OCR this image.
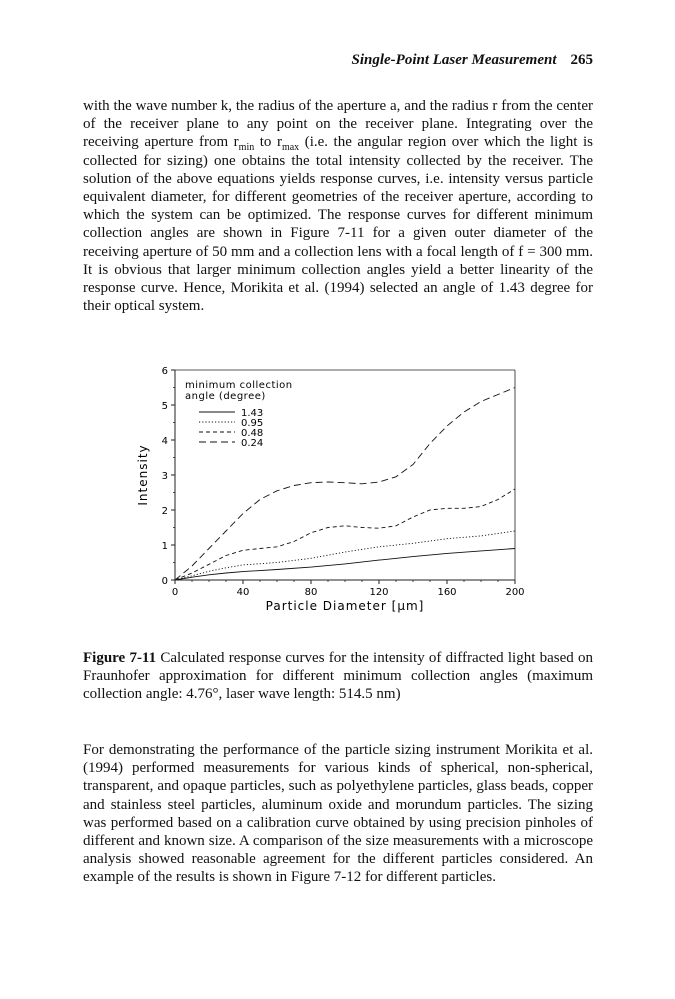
Single-Point Laser Measurement 265

with the wave number k, the radius of the aperture a, and the radius r from the center of the receiver plane to any point on the receiver plane. Integrating over the receiving aperture from $r_{min}$ to $r_{max}$ (i.e. the angular region over which the light is collected for sizing) one obtains the total intensity collected by the receiver. The solution of the above equations yields response curves, i.e. intensity versus particle equivalent diameter, for different geometries of the receiver aperture, according to which the system can be optimized. The response curves for different minimum collection angles are shown in Figure 7-11 for a given outer diameter of the receiving aperture of 50 mm and a collection lens with a focal length of f = 300 mm. It is obvious that larger minimum collection angles yield a better linearity of the response curve. Hence, Morikita et al. (1994) selected an angle of 1.43 degree for their optical system.

minimum collection
angle (degree)
1.43
0.95
0.48
0.24
0
1
2
3
4
5
6
0	40	80	120	160	200
Particle Diameter [μm]
Intensity

Figure 7-11 Calculated response curves for the intensity of diffracted light based on Fraunhofer approximation for different minimum collection angles (maximum collection angle: 4.76°, laser wave length: 514.5 nm)

For demonstrating the performance of the particle sizing instrument Morikita et al. (1994) performed measurements for various kinds of spherical, non-spherical, transparent, and opaque particles, such as polyethylene particles, glass beads, copper and stainless steel particles, aluminum oxide and morundum particles. The sizing was performed based on a calibration curve obtained by using precision pinholes of different and known size. A comparison of the size measurements with a microscope analysis showed reasonable agreement for the different particles considered. An example of the results is shown in Figure 7-12 for different particles.
